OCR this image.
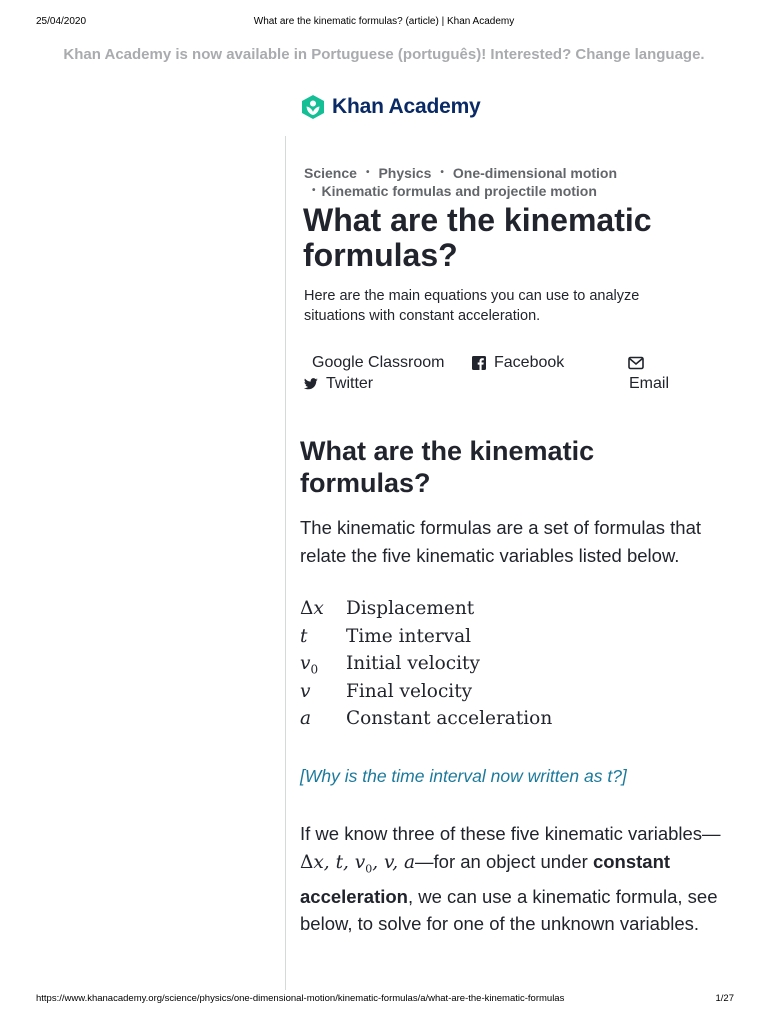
25/04/2020	What are the kinematic formulas? (article) | Khan Academy
Khan Academy is now available in Portuguese (português)! Interested? Change language.
Khan Academy
Science • Physics • One-dimensional motion
• Kinematic formulas and projectile motion
What are the kinematic formulas?
Here are the main equations you can use to analyze situations with constant acceleration.
Google Classroom	Facebook
Twitter	Email
What are the kinematic formulas?

The kinematic formulas are a set of formulas that relate the five kinematic variables listed below.

Δx Displacement
t Time interval
$v_0$ Initial velocity
v Final velocity
a Constant acceleration
[Why is the time interval now written as t?]

If we know three of these five kinematic variables—Δx, t, $v_0$, v, a—for an object under constant acceleration, we can use a kinematic formula, see below, to solve for one of the unknown variables.

https://www.khanacademy.org/science/physics/one-dimensional-motion/kinematic-formulas/a/what-are-the-kinematic-formulas	1/27
